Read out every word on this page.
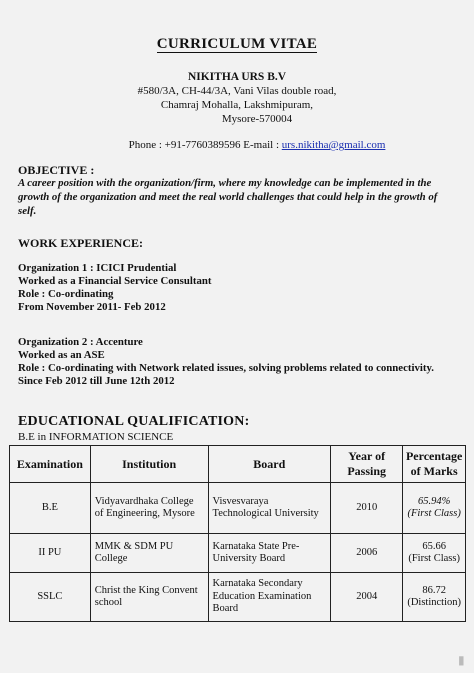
CURRICULUM VITAE
NIKITHA URS B.V
#580/3A, CH-44/3A, Vani Vilas double road,
Chamraj Mohalla, Lakshmipuram,
Mysore-570004
Phone : +91-7760389596 E-mail : urs.nikitha@gmail.com
OBJECTIVE :
A career position with the organization/firm, where my knowledge can be implemented in the growth of the organization and meet the real world challenges that could help in the growth of self.
WORK EXPERIENCE:
Organization 1 : ICICI Prudential
Worked as a Financial Service Consultant
Role : Co-ordinating
From November 2011- Feb 2012
Organization 2 : Accenture
Worked as an ASE
Role : Co-ordinating with Network related issues, solving problems related to connectivity.
Since Feb 2012 till June 12th 2012
EDUCATIONAL QUALIFICATION:
B.E in INFORMATION SCIENCE
Examination	Institution	Board	Year of Passing	Percentage of Marks
B.E	Vidyavardhaka College of Engineering, Mysore	Visvesvaraya Technological University	2010	65.94%
(First Class)

II PU	MMK & SDM PU College	Karnataka State Pre-University Board	2006	65.66
(First Class)

SSLC	Christ the King Convent school	Karnataka Secondary Education Examination Board	2004	86.72
(Distinction)
▮
